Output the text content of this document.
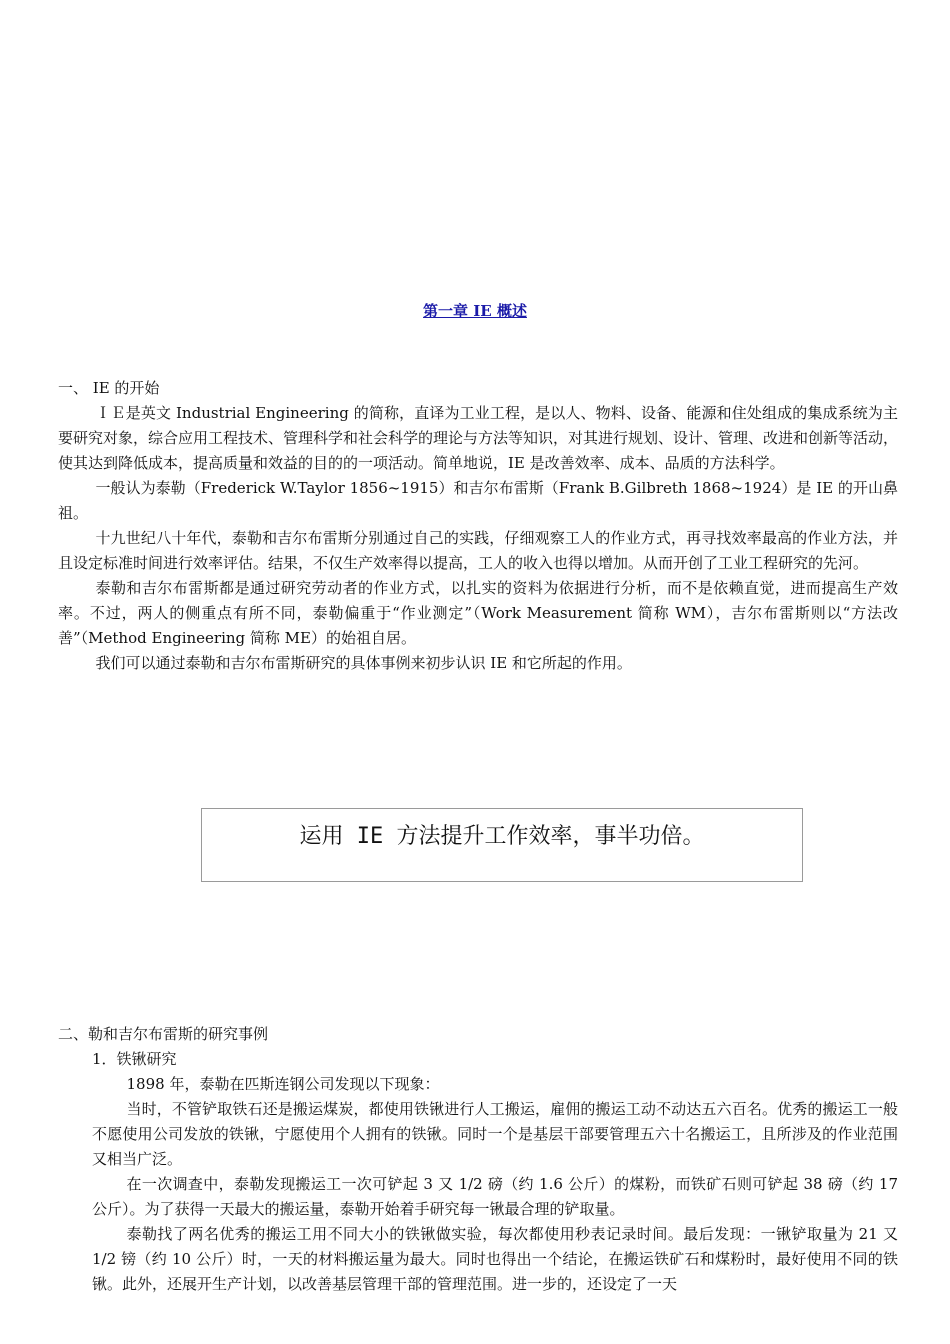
第一章 IE 概述

一、 IE 的开始

ＩＥ是英文 Industrial Engineering 的简称，直译为工业工程，是以人、物料、设备、能源和住处组成的集成系统为主要研究对象，综合应用工程技术、管理科学和社会科学的理论与方法等知识，对其进行规划、设计、管理、改进和创新等活动，使其达到降低成本，提高质量和效益的目的的一项活动。简单地说，IE 是改善效率、成本、品质的方法科学。

一般认为泰勒（Frederick W.Taylor 1856~1915）和吉尔布雷斯（Frank B.Gilbreth 1868~1924）是 IE 的开山鼻祖。

十九世纪八十年代，泰勒和吉尔布雷斯分别通过自己的实践，仔细观察工人的作业方式，再寻找效率最高的作业方法，并且设定标准时间进行效率评估。结果，不仅生产效率得以提高，工人的收入也得以增加。从而开创了工业工程研究的先河。

泰勒和吉尔布雷斯都是通过研究劳动者的作业方式，以扎实的资料为依据进行分析，而不是依赖直觉，进而提高生产效率。不过，两人的侧重点有所不同，泰勒偏重于“作业测定”（Work Measurement 简称 WM），吉尔布雷斯则以“方法改善”（Method Engineering 简称 ME）的始祖自居。

我们可以通过泰勒和吉尔布雷斯研究的具体事例来初步认识 IE 和它所起的作用。

运用 IE 方法提升工作效率，事半功倍。

二、勒和吉尔布雷斯的研究事例

1．铁锹研究

1898 年，泰勒在匹斯连钢公司发现以下现象：

当时，不管铲取铁石还是搬运煤炭，都使用铁锹进行人工搬运，雇佣的搬运工动不动达五六百名。优秀的搬运工一般不愿使用公司发放的铁锹，宁愿使用个人拥有的铁锹。同时一个是基层干部要管理五六十名搬运工，且所涉及的作业范围又相当广泛。

在一次调查中，泰勒发现搬运工一次可铲起 3 又 1/2 磅（约 1.6 公斤）的煤粉，而铁矿石则可铲起 38 磅（约 17 公斤）。为了获得一天最大的搬运量，泰勒开始着手研究每一锹最合理的铲取量。

泰勒找了两名优秀的搬运工用不同大小的铁锹做实验，每次都使用秒表记录时间。最后发现：一锹铲取量为 21 又 1/2 镑（约 10 公斤）时，一天的材料搬运量为最大。同时也得出一个结论，在搬运铁矿石和煤粉时，最好使用不同的铁锹。此外，还展开生产计划，以改善基层管理干部的管理范围。进一步的，还设定了一天
